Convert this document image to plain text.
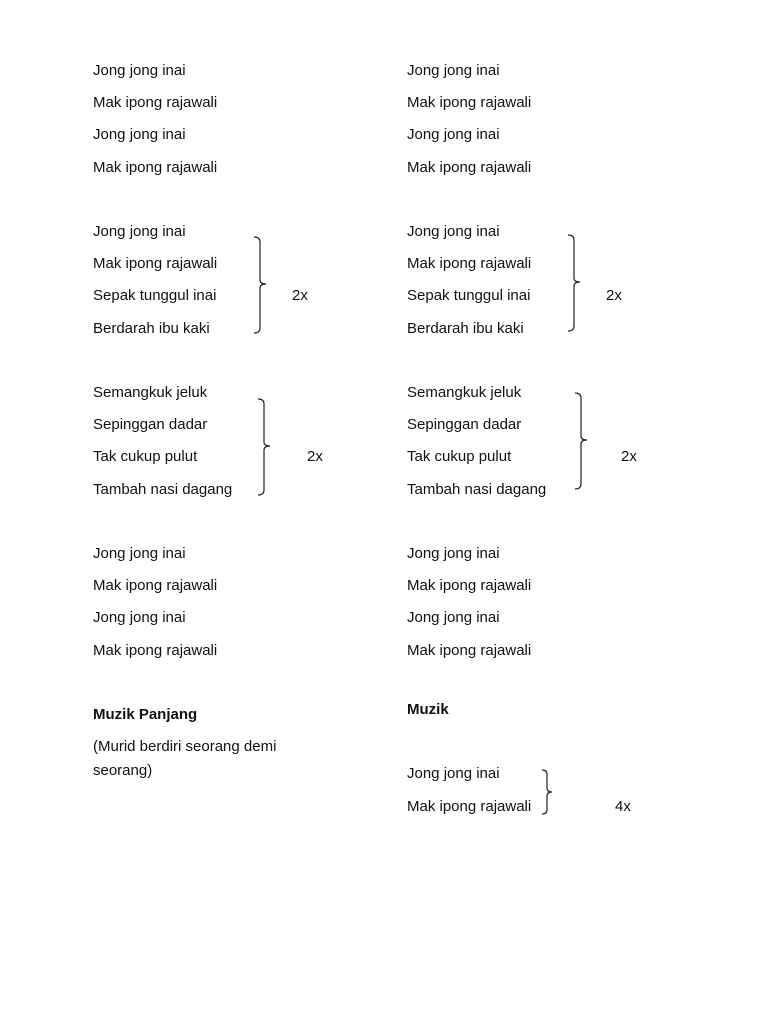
Jong jong inai
Mak ipong rajawali
Jong jong inai
Mak ipong rajawali
Jong jong inai
Mak ipong rajawali
Sepak tunggul inai
Berdarah ibu kaki
Semangkuk jeluk
Sepinggan dadar
Tak cukup pulut
Tambah nasi dagang
Jong jong inai
Mak ipong rajawali
Jong jong inai
Mak ipong rajawali
Muzik Panjang
(Murid berdiri seorang demi
seorang)
2x
2x
Jong jong inai
Mak ipong rajawali
Jong jong inai
Mak ipong rajawali
Jong jong inai
Mak ipong rajawali
Sepak tunggul inai
Berdarah ibu kaki
Semangkuk jeluk
Sepinggan dadar
Tak cukup pulut
Tambah nasi dagang
Jong jong inai
Mak ipong rajawali
Jong jong inai
Mak ipong rajawali
Muzik
Jong jong inai
Mak ipong rajawali
2x
2x
4x
